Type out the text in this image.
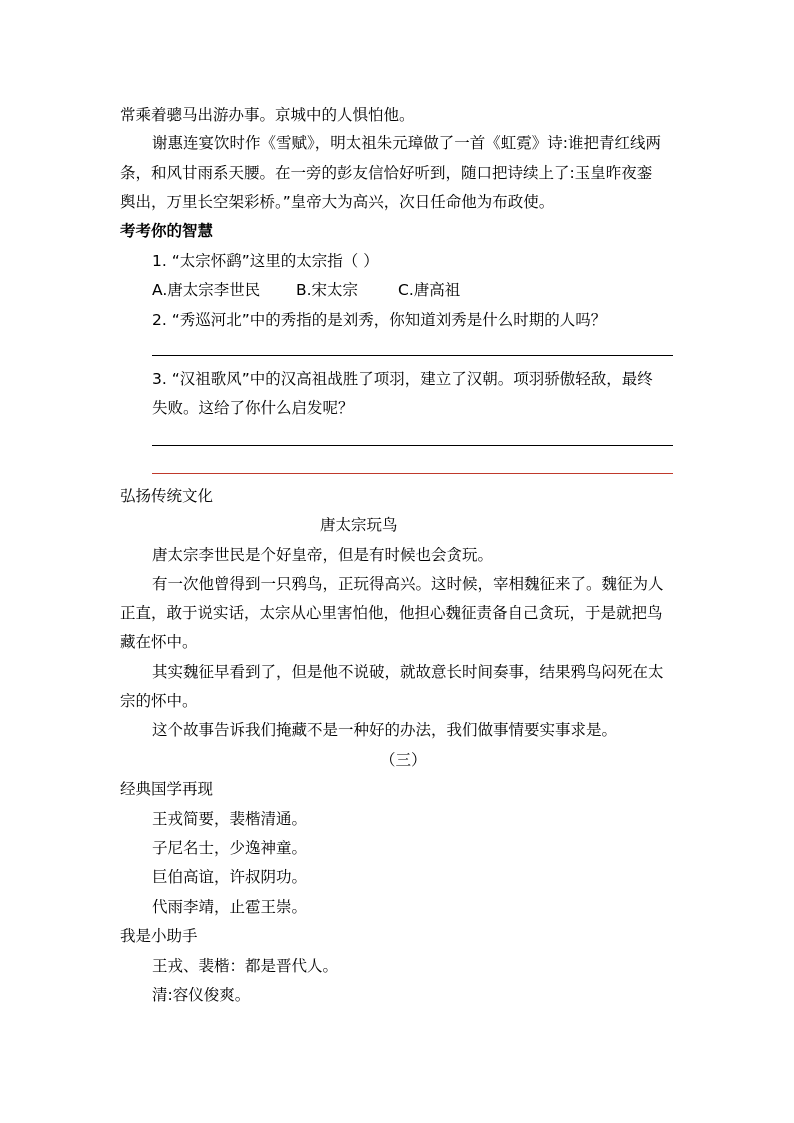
常乘着骢马出游办事。京城中的人惧怕他。
谢惠连宴饮时作《雪赋》，明太祖朱元璋做了一首《虹霓》诗:谁把青红线两
条，和风甘雨系天腰。在一旁的彭友信恰好听到，随口把诗续上了:玉皇昨夜銮
舆出，万里长空架彩桥。”皇帝大为高兴，次日任命他为布政使。
考考你的智慧
1. “太宗怀鹞”这里的太宗指（ ）
A.唐太宗李世民 B.宋太宗	C.唐高祖
2. “秀巡河北”中的秀指的是刘秀，你知道刘秀是什么时期的人吗？
3. “汉祖歌风”中的汉高祖战胜了项羽，建立了汉朝。项羽骄傲轻敌，最终
失败。这给了你什么启发呢？
弘扬传统文化
唐太宗玩鸟
唐太宗李世民是个好皇帝，但是有时候也会贪玩。
有一次他曾得到一只鸦鸟，正玩得高兴。这时候，宰相魏征来了。魏征为人
正直，敢于说实话，太宗从心里害怕他，他担心魏征责备自己贪玩，于是就把鸟
藏在怀中。
其实魏征早看到了，但是他不说破，就故意长时间奏事，结果鸦鸟闷死在太
宗的怀中。
这个故事告诉我们掩藏不是一种好的办法，我们做事情要实事求是。
（三）
经典国学再现
王戎简要，裴楷清通。
子尼名士，少逸神童。
巨伯高谊，许叔阴功。
代雨李靖，止雹王崇。
我是小助手
王戎、裴楷：都是晋代人。
清:容仪俊爽。
